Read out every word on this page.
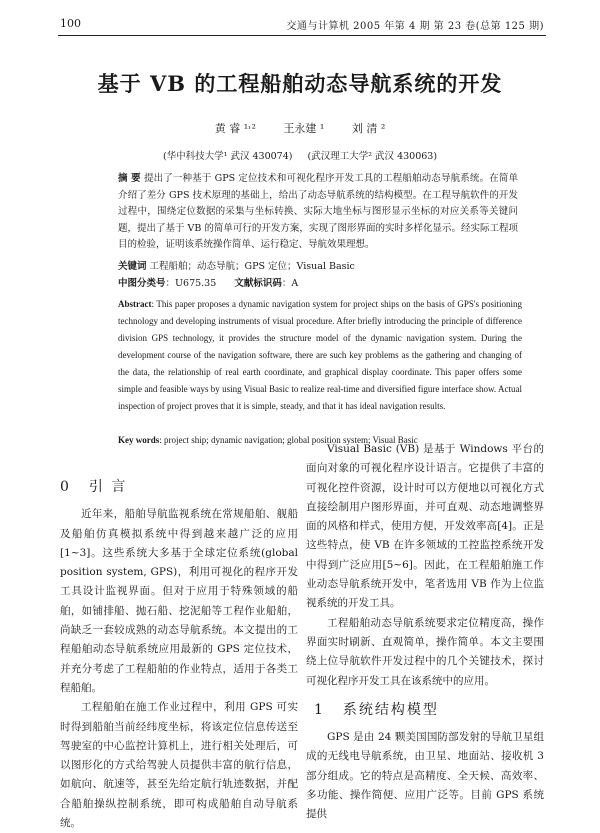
100	交通与计算机 2005 年第 4 期 第 23 卷(总第 125 期)
基于 VB 的工程船舶动态导航系统的开发
黄 睿 ¹˒²	王永建 ¹	刘 清 ²
(华中科技大学¹ 武汉 430074) (武汉理工大学² 武汉 430063)

摘 要 提出了一种基于 GPS 定位技术和可视化程序开发工具的工程船舶动态导航系统。在简单介绍了差分 GPS 技术原理的基础上，给出了动态导航系统的结构模型。在工程导航软件的开发过程中，围绕定位数据的采集与坐标转换、实际大地坐标与图形显示坐标的对应关系等关键问题，提出了基于 VB 的简单可行的开发方案，实现了图形界面的实时多样化显示。经实际工程项目的检验，证明该系统操作简单、运行稳定、导航效果理想。

关键词 工程船舶；动态导航；GPS 定位；Visual Basic
中图分类号：U675.35 文献标识码：A

Abstract: This paper proposes a dynamic navigation system for project ships on the basis of GPS's positioning technology and developing instruments of visual procedure. After briefly introducing the principle of difference division GPS technology, it provides the structure model of the dynamic navigation system. During the development course of the navigation software, there are such key problems as the gathering and changing of the data, the relationship of real earth coordinate, and graphical display coordinate. This paper offers some simple and feasible ways by using Visual Basic to realize real-time and diversified figure interface show. Actual inspection of project proves that it is simple, steady, and that it has ideal navigation results.

Key words: project ship; dynamic navigation; global position system; Visual Basic
0 引 言

近年来，船舶导航监视系统在常规船舶、舰船及船舶仿真模拟系统中得到越来越广泛的应用[1~3]。这些系统大多基于全球定位系统(global position system, GPS)，利用可视化的程序开发工具设计监视界面。但对于应用于特殊领域的船舶，如铺排船、抛石船、挖泥船等工程作业船舶，尚缺乏一套较成熟的动态导航系统。本文提出的工程船舶动态导航系统应用最新的 GPS 定位技术，并充分考虑了工程船舶的作业特点，适用于各类工程船舶。

工程船舶在施工作业过程中，利用 GPS 可实时得到船舶当前经纬度坐标，将该定位信息传送至驾驶室的中心监控计算机上，进行相关处理后，可以图形化的方式给驾驶人员提供丰富的航行信息，如航向、航速等，甚至先给定航行轨迹数据，并配合船舶操纵控制系统，即可构成船舶自动导航系统。

Visual Basic (VB) 是基于 Windows 平台的面向对象的可视化程序设计语言。它提供了丰富的可视化控件资源，设计时可以方便地以可视化方式直接绘制用户图形界面，并可直观、动态地调整界面的风格和样式，使用方便，开发效率高[4]。正是这些特点，使 VB 在许多领域的工控监控系统开发中得到广泛应用[5~6]。因此，在工程船舶施工作业动态导航系统开发中，笔者选用 VB 作为上位监视系统的开发工具。

工程船舶动态导航系统要求定位精度高，操作界面实时刷新、直观简单，操作简单。本文主要围绕上位导航软件开发过程中的几个关键技术，探讨可视化程序开发工具在该系统中的应用。

1 系统结构模型

GPS 是由 24 颗美国国防部发射的导航卫星组成的无线电导航系统，由卫星、地面站、接收机 3 部分组成。它的特点是高精度、全天候、高效率、多功能、操作简便、应用广泛等。目前 GPS 系统提供
